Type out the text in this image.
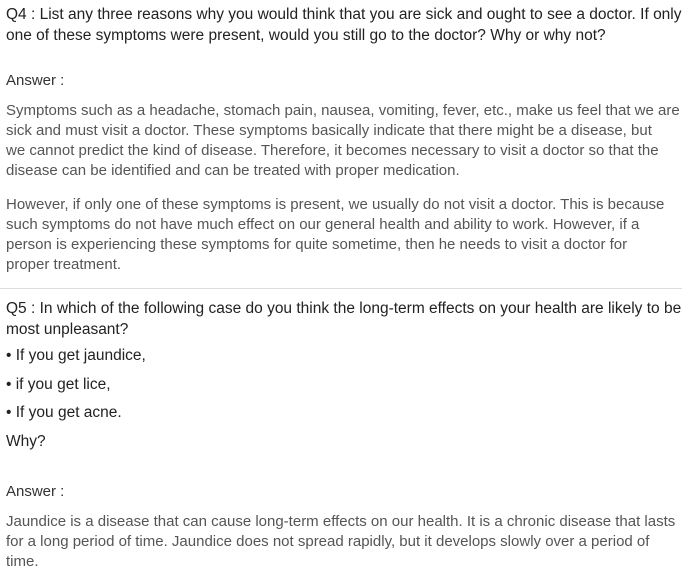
Q4 : List any three reasons why you would think that you are sick and ought to see a doctor. If only
one of these symptoms were present, would you still go to the doctor? Why or why not?
Answer :
Symptoms such as a headache, stomach pain, nausea, vomiting, fever, etc., make us feel that we are
sick and must visit a doctor. These symptoms basically indicate that there might be a disease, but
we cannot predict the kind of disease. Therefore, it becomes necessary to visit a doctor so that the
disease can be identified and can be treated with proper medication.
However, if only one of these symptoms is present, we usually do not visit a doctor. This is because
such symptoms do not have much effect on our general health and ability to work. However, if a
person is experiencing these symptoms for quite sometime, then he needs to visit a doctor for
proper treatment.
Q5 : In which of the following case do you think the long-term effects on your health are likely to be
most unpleasant?
• If you get jaundice,
• if you get lice,
• If you get acne.
Why?
Answer :
Jaundice is a disease that can cause long-term effects on our health. It is a chronic disease that lasts
for a long period of time. Jaundice does not spread rapidly, but it develops slowly over a period of
time.
